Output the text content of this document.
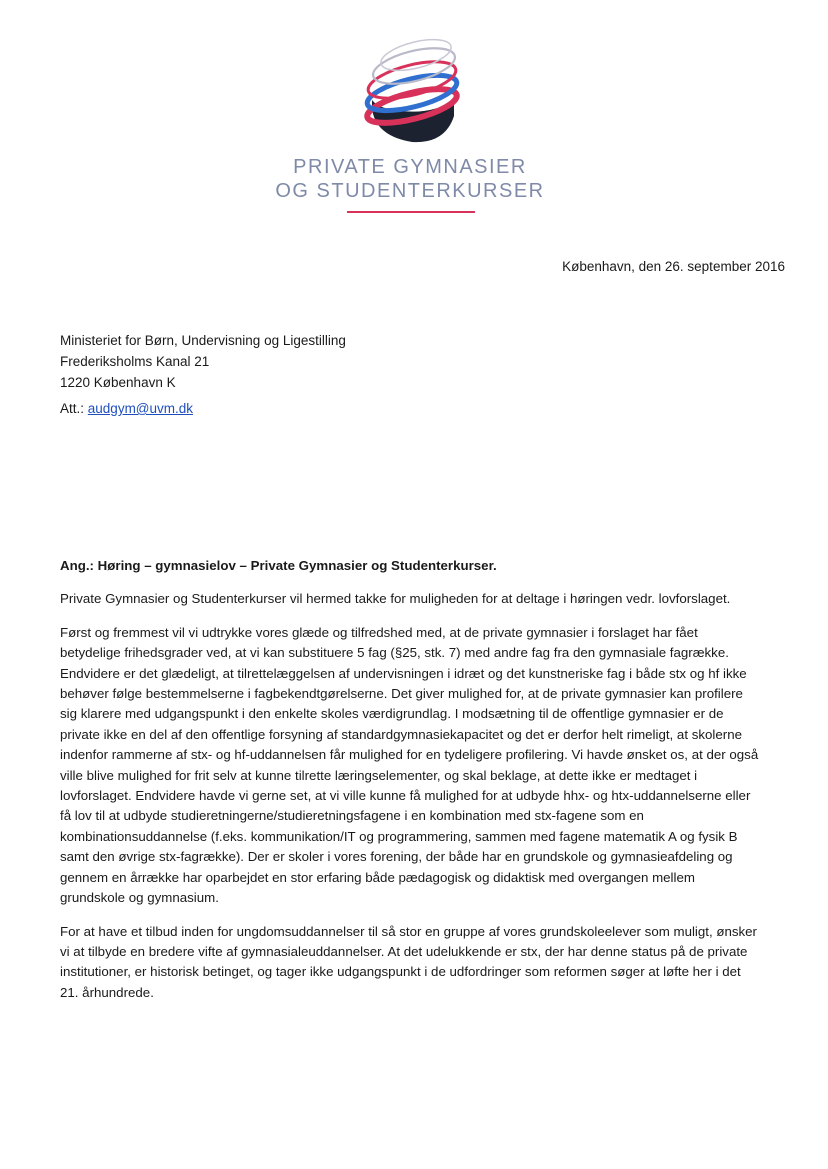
PRIVATE GYMNASIER
OG STUDENTERKURSER
København, den 26. september 2016
Ministeriet for Børn, Undervisning og Ligestilling
Frederiksholms Kanal 21
1220 København K
Att.: audgym@uvm.dk
Ang.: Høring – gymnasielov – Private Gymnasier og Studenterkurser.

Private Gymnasier og Studenterkurser vil hermed takke for muligheden for at deltage i høringen vedr. lovforslaget.

Først og fremmest vil vi udtrykke vores glæde og tilfredshed med, at de private gymnasier i forslaget har fået betydelige frihedsgrader ved, at vi kan substituere 5 fag (§25, stk. 7) med andre fag fra den gymnasiale fagrække. Endvidere er det glædeligt, at tilrettelæggelsen af undervisningen i idræt og det kunstneriske fag i både stx og hf ikke behøver følge bestemmelserne i fagbekendtgørelserne. Det giver mulighed for, at de private gymnasier kan profilere sig klarere med udgangspunkt i den enkelte skoles værdigrundlag. I modsætning til de offentlige gymnasier er de private ikke en del af den offentlige forsyning af standardgymnasiekapacitet og det er derfor helt rimeligt, at skolerne indenfor rammerne af stx- og hf-uddannelsen får mulighed for en tydeligere profilering. Vi havde ønsket os, at der også ville blive mulighed for frit selv at kunne tilrette læringselementer, og skal beklage, at dette ikke er medtaget i lovforslaget. Endvidere havde vi gerne set, at vi ville kunne få mulighed for at udbyde hhx- og htx-uddannelserne eller få lov til at udbyde studieretningerne/studieretningsfagene i en kombination med stx-fagene som en kombinationsuddannelse (f.eks. kommunikation/IT og programmering, sammen med fagene matematik A og fysik B samt den øvrige stx-fagrække). Der er skoler i vores forening, der både har en grundskole og gymnasieafdeling og gennem en årrække har oparbejdet en stor erfaring både pædagogisk og didaktisk med overgangen mellem grundskole og gymnasium.

For at have et tilbud inden for ungdomsuddannelser til så stor en gruppe af vores grundskoleelever som muligt, ønsker vi at tilbyde en bredere vifte af gymnasialeuddannelser. At det udelukkende er stx, der har denne status på de private institutioner, er historisk betinget, og tager ikke udgangspunkt i de udfordringer som reformen søger at løfte her i det 21. århundrede.
